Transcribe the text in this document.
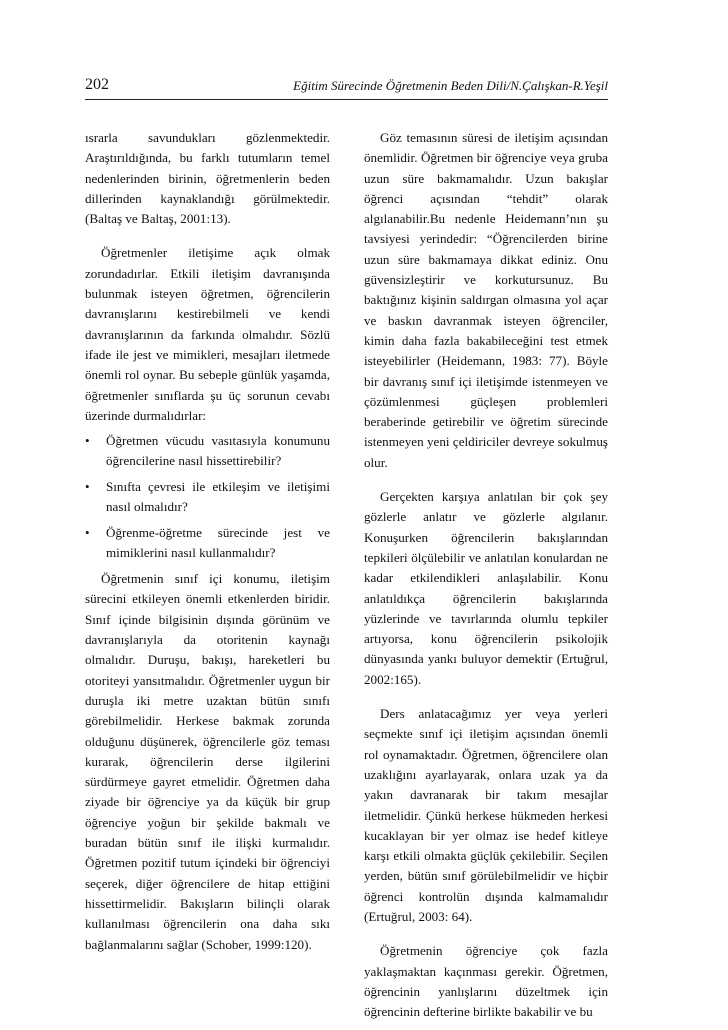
202	Eğitim Sürecinde Öğretmenin Beden Dili/N.Çalışkan-R.Yeşil

ısrarla savundukları gözlenmektedir. Araştırıldığında, bu farklı tutumların temel nedenlerinden birinin, öğretmenlerin beden dillerinden kaynaklandığı görülmektedir. (Baltaş ve Baltaş, 2001:13).

Öğretmenler iletişime açık olmak zorundadırlar. Etkili iletişim davranışında bulunmak isteyen öğretmen, öğrencilerin davranışlarını kestirebilmeli ve kendi davranışlarının da farkında olmalıdır. Sözlü ifade ile jest ve mimikleri, mesajları iletmede önemli rol oynar. Bu sebeple günlük yaşamda, öğretmenler sınıflarda şu üç sorunun cevabı üzerinde durmalıdırlar:

•	Öğretmen vücudu vasıtasıyla konumunu öğrencilerine nasıl hissettirebilir?
•	Sınıfta çevresi ile etkileşim ve iletişimi nasıl olmalıdır?
•	Öğrenme-öğretme sürecinde jest ve mimiklerini nasıl kullanmalıdır?

Öğretmenin sınıf içi konumu, iletişim sürecini etkileyen önemli etkenlerden biridir. Sınıf içinde bilgisinin dışında görünüm ve davranışlarıyla da otoritenin kaynağı olmalıdır. Duruşu, bakışı, hareketleri bu otoriteyi yansıtmalıdır. Öğretmenler uygun bir duruşla iki metre uzaktan bütün sınıfı görebilmelidir. Herkese bakmak zorunda olduğunu düşünerek, öğrencilerle göz teması kurarak, öğrencilerin derse ilgilerini sürdürmeye gayret etmelidir. Öğretmen daha ziyade bir öğrenciye ya da küçük bir grup öğrenciye yoğun bir şekilde bakmalı ve buradan bütün sınıf ile ilişki kurmalıdır. Öğretmen pozitif tutum içindeki bir öğrenciyi seçerek, diğer öğrencilere de hitap ettiğini hissettirmelidir. Bakışların bilinçli olarak kullanılması öğrencilerin ona daha sıkı bağlanmalarını sağlar (Schober, 1999:120).

Göz temasının süresi de iletişim açısından önemlidir. Öğretmen bir öğrenciye veya gruba uzun süre bakmamalıdır. Uzun bakışlar öğrenci açısından “tehdit” olarak algılanabilir.Bu nedenle Heidemann’nın şu tavsiyesi yerindedir: “Öğrencilerden birine uzun süre bakmamaya dikkat ediniz. Onu güvensizleştirir ve korkutursunuz. Bu baktığınız kişinin saldırgan olmasına yol açar ve baskın davranmak isteyen öğrenciler, kimin daha fazla bakabileceğini test etmek isteyebilirler (Heidemann, 1983: 77). Böyle bir davranış sınıf içi iletişimde istenmeyen ve çözümlenmesi güçleşen problemleri beraberinde getirebilir ve öğretim sürecinde istenmeyen yeni çeldiriciler devreye sokulmuş olur.

Gerçekten karşıya anlatılan bir çok şey gözlerle anlatır ve gözlerle algılanır. Konuşurken öğrencilerin bakışlarından tepkileri ölçülebilir ve anlatılan konulardan ne kadar etkilendikleri anlaşılabilir. Konu anlatıldıkça öğrencilerin bakışlarında yüzlerinde ve tavırlarında olumlu tepkiler artıyorsa, konu öğrencilerin psikolojik dünyasında yankı buluyor demektir (Ertuğrul, 2002:165).

Ders anlatacağımız yer veya yerleri seçmekte sınıf içi iletişim açısından önemli rol oynamaktadır. Öğretmen, öğrencilere olan uzaklığını ayarlayarak, onlara uzak ya da yakın davranarak bir takım mesajlar iletmelidir. Çünkü herkese hükmeden herkesi kucaklayan bir yer olmaz ise hedef kitleye karşı etkili olmakta güçlük çekilebilir. Seçilen yerden, bütün sınıf görülebilmelidir ve hiçbir öğrenci kontrolün dışında kalmamalıdır (Ertuğrul, 2003: 64).

Öğretmenin öğrenciye çok fazla yaklaşmaktan kaçınması gerekir. Öğretmen, öğrencinin yanlışlarını düzeltmek için öğrencinin defterine birlikte bakabilir ve bu
